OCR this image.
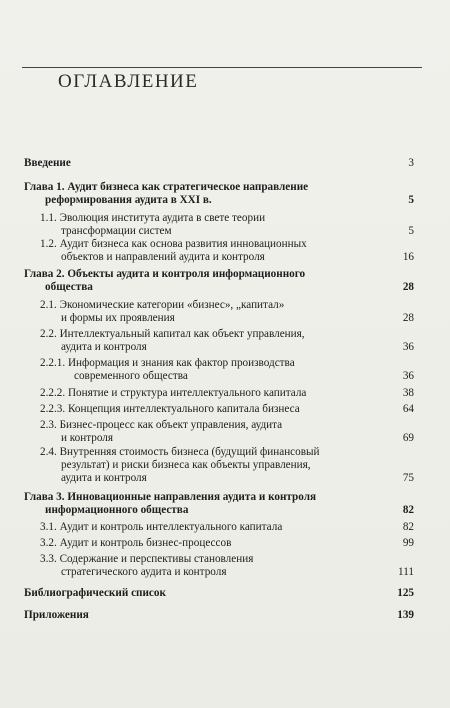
ОГЛАВЛЕНИЕ
Введение	3
Глава 1. Аудит бизнеса как стратегическое направление
реформирования аудита в XXI в.	5
1.1. Эволюция института аудита в свете теории
трансформации систем	5
1.2. Аудит бизнеса как основа развития инновационных
объектов и направлений аудита и контроля	16
Глава 2. Объекты аудита и контроля информационного
общества	28
2.1. Экономические категории «бизнес», „капитал»
и формы их проявления	28
2.2. Интеллектуальный капитал как объект управления,
аудита и контроля	36
2.2.1. Информация и знания как фактор производства
современного общества	36
2.2.2. Понятие и структура интеллектуального капитала	38
2.2.3. Концепция интеллектуального капитала бизнеса	64
2.3. Бизнес-процесс как объект управления, аудита
и контроля	69
2.4. Внутренняя стоимость бизнеса (будущий финансовый
результат) и риски бизнеса как объекты управления,
аудита и контроля	75
Глава 3. Инновационные направления аудита и контроля
информационного общества	82
3.1. Аудит и контроль интеллектуального капитала	82
3.2. Аудит и контроль бизнес-процессов	99
3.3. Содержание и перспективы становления
стратегического аудита и контроля	111
Библиографический список	125
Приложения	139
